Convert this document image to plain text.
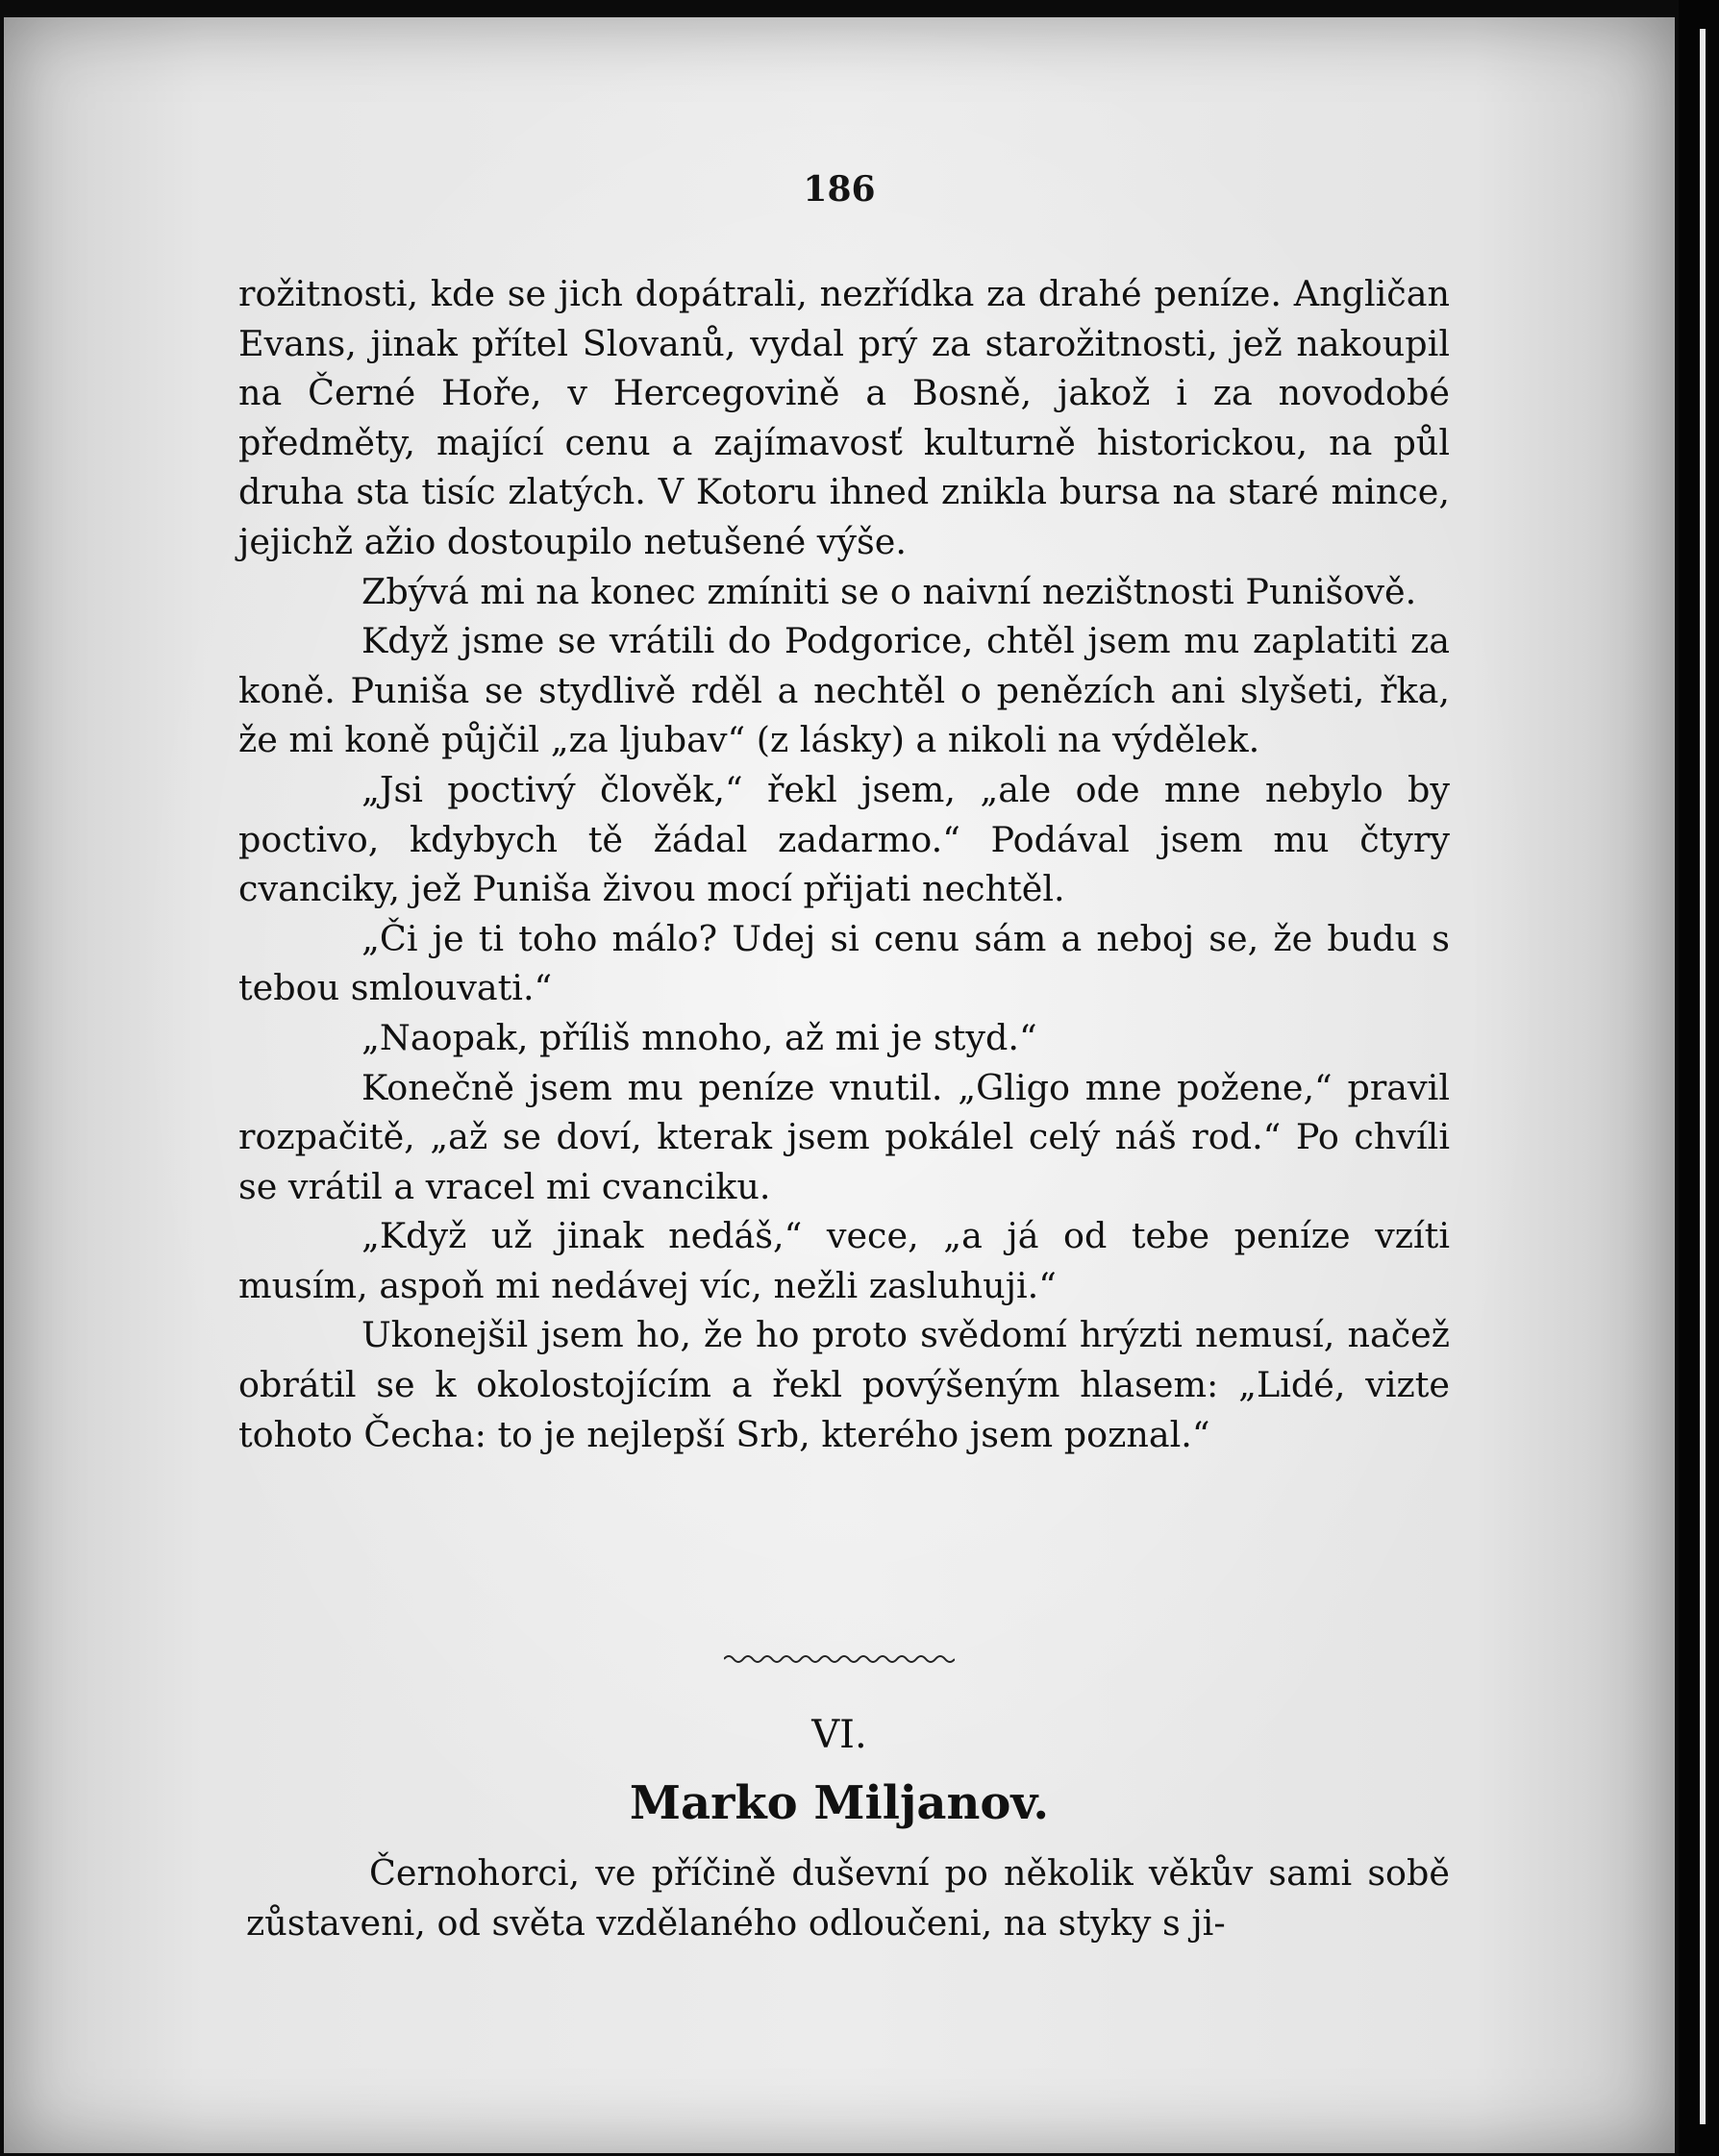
186

rožitnosti, kde se jich dopátrali, nezřídka za drahé peníze. Angličan Evans, jinak přítel Slovanů, vydal prý za starožitnosti, jež nakoupil na Černé Hoře, v Hercegovině a Bosně, jakož i za novodobé předměty, mající cenu a zajímavosť kulturně historickou, na půl druha sta tisíc zlatých. V Kotoru ihned znikla bursa na staré mince, jejichž ažio dostoupilo netušené výše.

Zbývá mi na konec zmíniti se o naivní nezištnosti Punišově.

Když jsme se vrátili do Podgorice, chtěl jsem mu zaplatiti za koně. Puniša se stydlivě rděl a nechtěl o penězích ani slyšeti, řka, že mi koně půjčil „za ljubav“ (z lásky) a nikoli na výdělek.

„Jsi poctivý člověk,“ řekl jsem, „ale ode mne nebylo by poctivo, kdybych tě žádal zadarmo.“ Podával jsem mu čtyry cvanciky, jež Puniša živou mocí přijati nechtěl.

„Či je ti toho málo? Udej si cenu sám a neboj se, že budu s tebou smlouvati.“

„Naopak, příliš mnoho, až mi je styd.“

Konečně jsem mu peníze vnutil. „Gligo mne požene,“ pravil rozpačitě, „až se doví, kterak jsem pokálel celý náš rod.“ Po chvíli se vrátil a vracel mi cvanciku.

„Když už jinak nedáš,“ vece, „a já od tebe peníze vzíti musím, aspoň mi nedávej víc, nežli zasluhuji.“

Ukonejšil jsem ho, že ho proto svědomí hrýzti nemusí, načež obrátil se k okolostojícím a řekl povýšeným hlasem: „Lidé, vizte tohoto Čecha: to je nejlepší Srb, kterého jsem poznal.“

VI.
Marko Miljanov.

Černohorci, ve příčině duševní po několik věkův sami sobě zůstaveni, od světa vzdělaného odloučeni, na styky s ji-
